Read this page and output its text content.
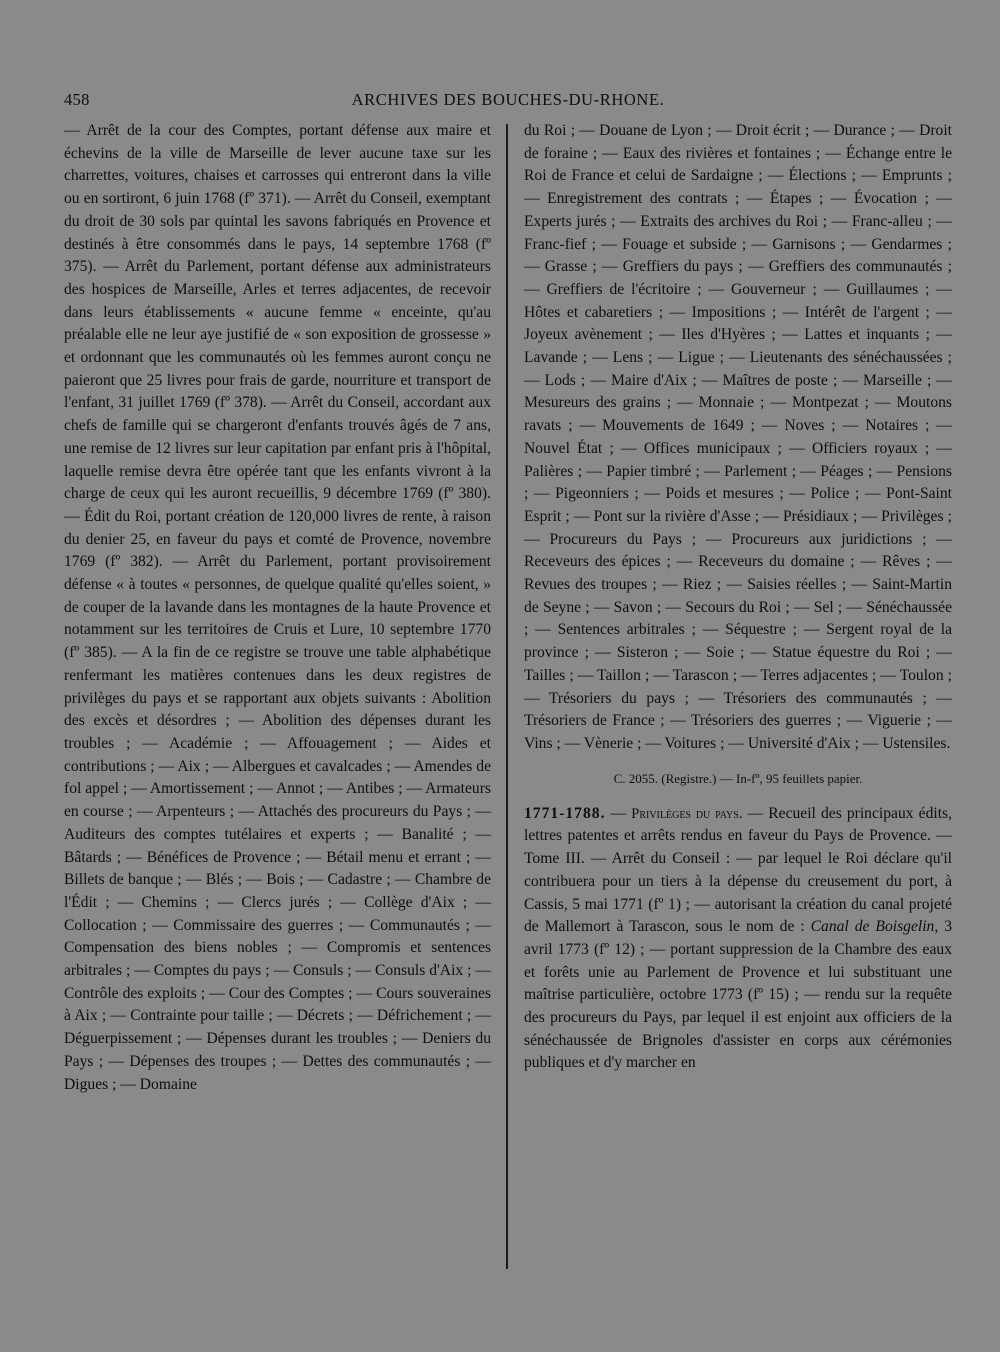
458	ARCHIVES DES BOUCHES-DU-RHONE.

— Arrêt de la cour des Comptes, portant défense aux maire et échevins de la ville de Marseille de lever aucune taxe sur les charrettes, voitures, chaises et carrosses qui entreront dans la ville ou en sortiront, 6 juin 1768 (fº 371). — Arrêt du Conseil, exemptant du droit de 30 sols par quintal les savons fabriqués en Provence et destinés à être consommés dans le pays, 14 septembre 1768 (fº 375). — Arrêt du Parlement, portant défense aux administrateurs des hospices de Marseille, Arles et terres adjacentes, de recevoir dans leurs établissements « aucune femme « enceinte, qu'au préalable elle ne leur aye justifié de « son exposition de grossesse » et ordonnant que les communautés où les femmes auront conçu ne paieront que 25 livres pour frais de garde, nourriture et transport de l'enfant, 31 juillet 1769 (fº 378). — Arrêt du Conseil, accordant aux chefs de famille qui se chargeront d'enfants trouvés âgés de 7 ans, une remise de 12 livres sur leur capitation par enfant pris à l'hôpital, laquelle remise devra être opérée tant que les enfants vivront à la charge de ceux qui les auront recueillis, 9 décembre 1769 (fº 380). — Édit du Roi, portant création de 120,000 livres de rente, à raison du denier 25, en faveur du pays et comté de Provence, novembre 1769 (fº 382). — Arrêt du Parlement, portant provisoirement défense « à toutes « personnes, de quelque qualité qu'elles soient, » de couper de la lavande dans les montagnes de la haute Provence et notamment sur les territoires de Cruis et Lure, 10 septembre 1770 (fº 385). — A la fin de ce registre se trouve une table alphabétique renfermant les matières contenues dans les deux registres de privilèges du pays et se rapportant aux objets suivants : Abolition des excès et désordres ; — Abolition des dépenses durant les troubles ; — Académie ; — Affouagement ; — Aides et contributions ; — Aix ; — Albergues et cavalcades ; — Amendes de fol appel ; — Amortissement ; — Annot ; — Antibes ; — Armateurs en course ; — Arpenteurs ; — Attachés des procureurs du Pays ; — Auditeurs des comptes tutélaires et experts ; — Banalité ; — Bâtards ; — Bénéfices de Provence ; — Bétail menu et errant ; — Billets de banque ; — Blés ; — Bois ; — Cadastre ; — Chambre de l'Édit ; — Chemins ; — Clercs jurés ; — Collège d'Aix ; — Collocation ; — Commissaire des guerres ; — Communautés ; — Compensation des biens nobles ; — Compromis et sentences arbitrales ; — Comptes du pays ; — Consuls ; — Consuls d'Aix ; — Contrôle des exploits ; — Cour des Comptes ; — Cours souveraines à Aix ; — Contrainte pour taille ; — Décrets ; — Défrichement ; — Déguerpissement ; — Dépenses durant les troubles ; — Deniers du Pays ; — Dépenses des troupes ; — Dettes des communautés ; — Digues ; — Domaine

du Roi ; — Douane de Lyon ; — Droit écrit ; — Durance ; — Droit de foraine ; — Eaux des rivières et fontaines ; — Échange entre le Roi de France et celui de Sardaigne ; — Élections ; — Emprunts ; — Enregistrement des contrats ; — Étapes ; — Évocation ; — Experts jurés ; — Extraits des archives du Roi ; — Franc-alleu ; — Franc-fief ; — Fouage et subside ; — Garnisons ; — Gendarmes ; — Grasse ; — Greffiers du pays ; — Greffiers des communautés ; — Greffiers de l'écritoire ; — Gouverneur ; — Guillaumes ; — Hôtes et cabaretiers ; — Impositions ; — Intérêt de l'argent ; — Joyeux avènement ; — Iles d'Hyères ; — Lattes et inquants ; — Lavande ; — Lens ; — Ligue ; — Lieutenants des sénéchaussées ; — Lods ; — Maire d'Aix ; — Maîtres de poste ; — Marseille ; — Mesureurs des grains ; — Monnaie ; — Montpezat ; — Moutons ravats ; — Mouvements de 1649 ; — Noves ; — Notaires ; — Nouvel État ; — Offices municipaux ; — Officiers royaux ; — Palières ; — Papier timbré ; — Parlement ; — Péages ; — Pensions ; — Pigeonniers ; — Poids et mesures ; — Police ; — Pont-Saint Esprit ; — Pont sur la rivière d'Asse ; — Présidiaux ; — Privilèges ; — Procureurs du Pays ; — Procureurs aux juridictions ; — Receveurs des épices ; — Receveurs du domaine ; — Rêves ; — Revues des troupes ; — Riez ; — Saisies réelles ; — Saint-Martin de Seyne ; — Savon ; — Secours du Roi ; — Sel ; — Sénéchaussée ; — Sentences arbitrales ; — Séquestre ; — Sergent royal de la province ; — Sisteron ; — Soie ; — Statue équestre du Roi ; — Tailles ; — Taillon ; — Tarascon ; — Terres adjacentes ; — Toulon ; — Trésoriers du pays ; — Trésoriers des communautés ; — Trésoriers de France ; — Trésoriers des guerres ; — Viguerie ; — Vins ; — Vènerie ; — Voitures ; — Université d'Aix ; — Ustensiles.

C. 2055. (Registre.) — In-fº, 95 feuillets papier.

1771-1788. — Privilèges du pays. — Recueil des principaux édits, lettres patentes et arrêts rendus en faveur du Pays de Provence. — Tome III. — Arrêt du Conseil : — par lequel le Roi déclare qu'il contribuera pour un tiers à la dépense du creusement du port, à Cassis, 5 mai 1771 (fº 1) ; — autorisant la création du canal projeté de Mallemort à Tarascon, sous le nom de : Canal de Boisgelin, 3 avril 1773 (fº 12) ; — portant suppression de la Chambre des eaux et forêts unie au Parlement de Provence et lui substituant une maîtrise particulière, octobre 1773 (fº 15) ; — rendu sur la requête des procureurs du Pays, par lequel il est enjoint aux officiers de la sénéchaussée de Brignoles d'assister en corps aux cérémonies publiques et d'y marcher en
